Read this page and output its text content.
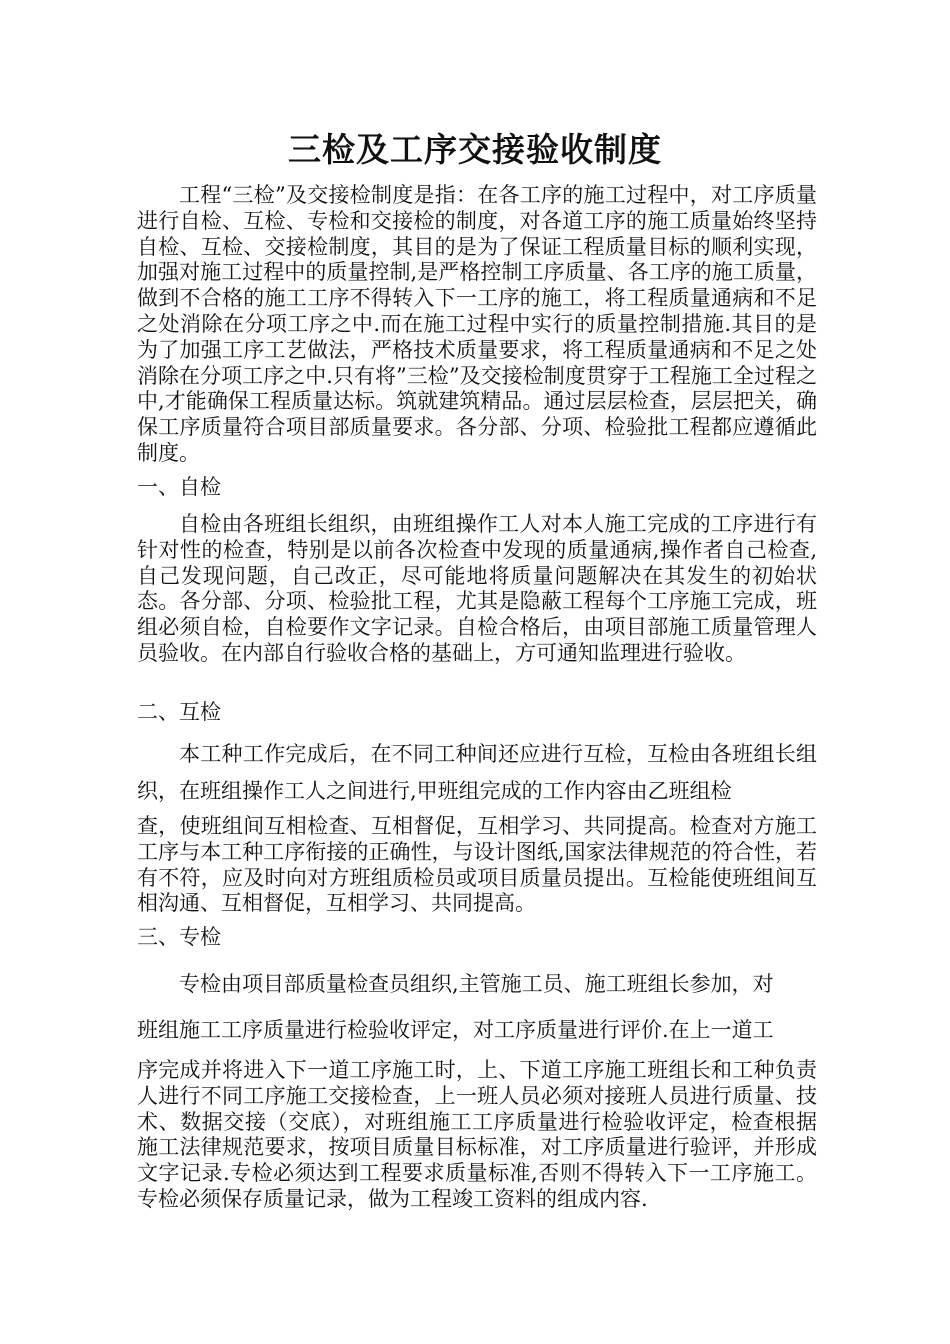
三检及工序交接验收制度
工程“三检”及交接检制度是指：在各工序的施工过程中，对工序质量进行自检、互检、专检和交接检的制度，对各道工序的施工质量始终坚持自检、互检、交接检制度，其目的是为了保证工程质量目标的顺利实现，加强对施工过程中的质量控制,是严格控制工序质量、各工序的施工质量，做到不合格的施工工序不得转入下一工序的施工，将工程质量通病和不足之处消除在分项工序之中.而在施工过程中实行的质量控制措施.其目的是为了加强工序工艺做法，严格技术质量要求，将工程质量通病和不足之处消除在分项工序之中.只有将”三检”及交接检制度贯穿于工程施工全过程之中,才能确保工程质量达标。筑就建筑精品。通过层层检查，层层把关，确保工序质量符合项目部质量要求。各分部、分项、检验批工程都应遵循此制度。
一、自检
自检由各班组长组织，由班组操作工人对本人施工完成的工序进行有针对性的检查，特别是以前各次检查中发现的质量通病,操作者自己检查,自己发现问题，自己改正，尽可能地将质量问题解决在其发生的初始状态。各分部、分项、检验批工程，尤其是隐蔽工程每个工序施工完成，班组必须自检，自检要作文字记录。自检合格后，由项目部施工质量管理人员验收。在内部自行验收合格的基础上，方可通知监理进行验收。
二、互检
本工种工作完成后，在不同工种间还应进行互检，互检由各班组长组织，在班组操作工人之间进行,甲班组完成的工作内容由乙班组检
查，使班组间互相检查、互相督促，互相学习、共同提高。检查对方施工工序与本工种工序衔接的正确性，与设计图纸,国家法律规范的符合性，若有不符，应及时向对方班组质检员或项目质量员提出。互检能使班组间互相沟通、互相督促，互相学习、共同提高。
三、专检
专检由项目部质量检查员组织,主管施工员、施工班组长参加，对
班组施工工序质量进行检验收评定，对工序质量进行评价.在上一道工
序完成并将进入下一道工序施工时，上、下道工序施工班组长和工种负责人进行不同工序施工交接检查，上一班人员必须对接班人员进行质量、技术、数据交接（交底），对班组施工工序质量进行检验收评定，检查根据施工法律规范要求，按项目质量目标标准，对工序质量进行验评，并形成文字记录.专检必须达到工程要求质量标准,否则不得转入下一工序施工。专检必须保存质量记录，做为工程竣工资料的组成内容.
